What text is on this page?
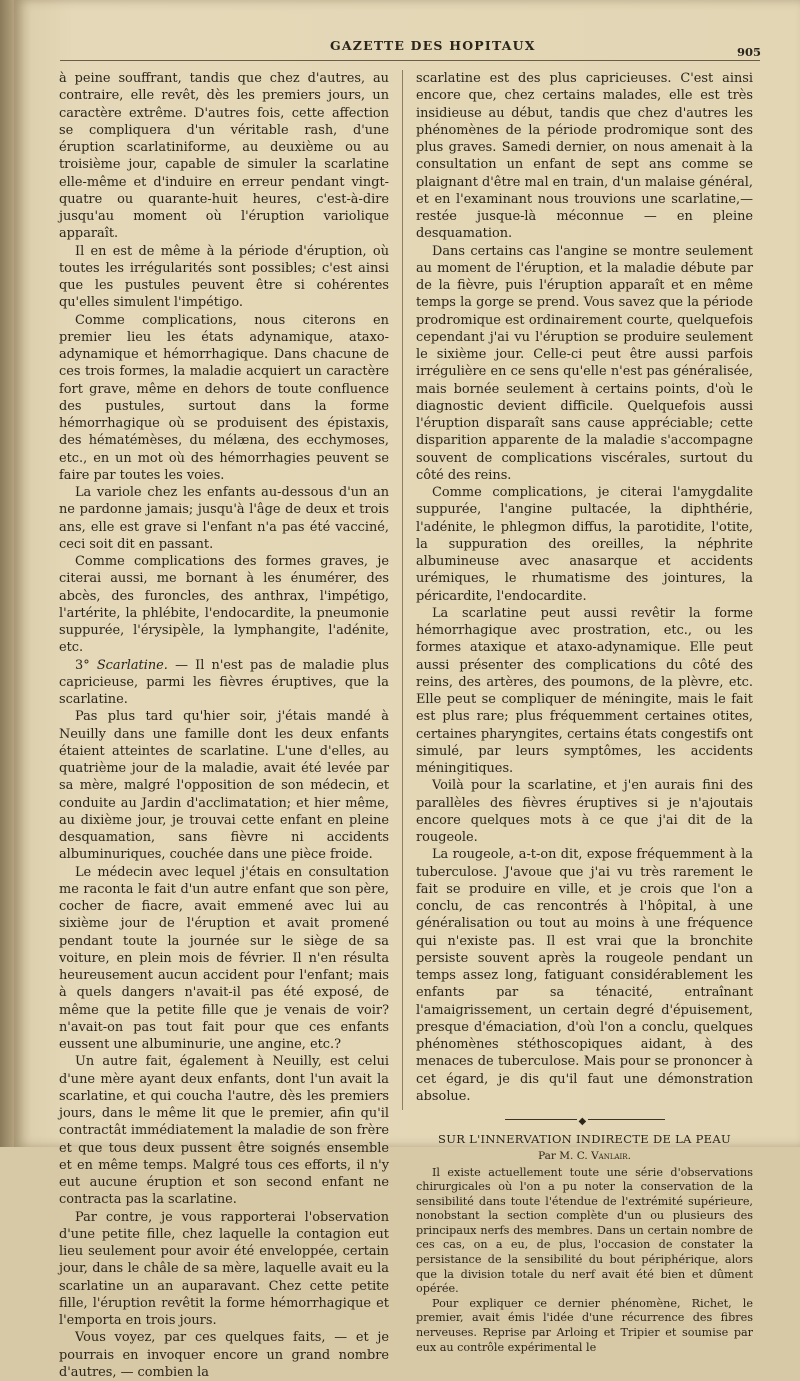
GAZETTE DES HOPITAUX	905

à peine souffrant, tandis que chez d'autres, au contraire, elle revêt, dès les premiers jours, un caractère extrême. D'autres fois, cette affection se compliquera d'un véritable rash, d'une éruption scarlatiniforme, au deuxième ou au troisième jour, capable de simuler la scarlatine elle-même et d'induire en erreur pendant vingt-quatre ou quarante-huit heures, c'est-à-dire jusqu'au moment où l'éruption variolique apparaît.

Il en est de même à la période d'éruption, où toutes les irrégularités sont possibles; c'est ainsi que les pustules peuvent être si cohérentes qu'elles simulent l'impétigo.

Comme complications, nous citerons en premier lieu les états adynamique, ataxo-adynamique et hémorrhagique. Dans chacune de ces trois formes, la maladie acquiert un caractère fort grave, même en dehors de toute confluence des pustules, surtout dans la forme hémorrhagique où se produisent des épistaxis, des hématémèses, du mélæna, des ecchymoses, etc., en un mot où des hémorrhagies peuvent se faire par toutes les voies.

La variole chez les enfants au-dessous d'un an ne pardonne jamais; jusqu'à l'âge de deux et trois ans, elle est grave si l'enfant n'a pas été vacciné, ceci soit dit en passant.

Comme complications des formes graves, je citerai aussi, me bornant à les énumérer, des abcès, des furoncles, des anthrax, l'impétigo, l'artérite, la phlébite, l'endocardite, la pneumonie suppurée, l'érysipèle, la lymphangite, l'adénite, etc.

3° Scarlatine. — Il n'est pas de maladie plus capricieuse, parmi les fièvres éruptives, que la scarlatine.

Pas plus tard qu'hier soir, j'étais mandé à Neuilly dans une famille dont les deux enfants étaient atteintes de scarlatine. L'une d'elles, au quatrième jour de la maladie, avait été levée par sa mère, malgré l'opposition de son médecin, et conduite au Jardin d'acclimatation; et hier même, au dixième jour, je trouvai cette enfant en pleine desquamation, sans fièvre ni accidents albuminuriques, couchée dans une pièce froide.

Le médecin avec lequel j'étais en consultation me raconta le fait d'un autre enfant que son père, cocher de fiacre, avait emmené avec lui au sixième jour de l'éruption et avait promené pendant toute la journée sur le siège de sa voiture, en plein mois de février. Il n'en résulta heureusement aucun accident pour l'enfant; mais à quels dangers n'avait-il pas été exposé, de même que la petite fille que je venais de voir? n'avait-on pas tout fait pour que ces enfants eussent une albuminurie, une angine, etc.?

Un autre fait, également à Neuilly, est celui d'une mère ayant deux enfants, dont l'un avait la scarlatine, et qui coucha l'autre, dès les premiers jours, dans le même lit que le premier, afin qu'il contractât immédiatement la maladie de son frère et que tous deux pussent être soignés ensemble et en même temps. Malgré tous ces efforts, il n'y eut aucune éruption et son second enfant ne contracta pas la scarlatine.

Par contre, je vous rapporterai l'observation d'une petite fille, chez laquelle la contagion eut lieu seulement pour avoir été enveloppée, certain jour, dans le châle de sa mère, laquelle avait eu la scarlatine un an auparavant. Chez cette petite fille, l'éruption revêtit la forme hémorrhagique et l'emporta en trois jours.

Vous voyez, par ces quelques faits, — et je pourrais en invoquer encore un grand nombre d'autres, — combien la

scarlatine est des plus capricieuses. C'est ainsi encore que, chez certains malades, elle est très insidieuse au début, tandis que chez d'autres les phénomènes de la période prodromique sont des plus graves. Samedi dernier, on nous amenait à la consultation un enfant de sept ans comme se plaignant d'être mal en train, d'un malaise général, et en l'examinant nous trouvions une scarlatine,—restée jusque-là méconnue — en pleine desquamation.

Dans certains cas l'angine se montre seulement au moment de l'éruption, et la maladie débute par de la fièvre, puis l'éruption apparaît et en même temps la gorge se prend. Vous savez que la période prodromique est ordinairement courte, quelquefois cependant j'ai vu l'éruption se produire seulement le sixième jour. Celle-ci peut être aussi parfois irrégulière en ce sens qu'elle n'est pas généralisée, mais bornée seulement à certains points, d'où le diagnostic devient difficile. Quelquefois aussi l'éruption disparaît sans cause appréciable; cette disparition apparente de la maladie s'accompagne souvent de complications viscérales, surtout du côté des reins.

Comme complications, je citerai l'amygdalite suppurée, l'angine pultacée, la diphthérie, l'adénite, le phlegmon diffus, la parotidite, l'otite, la suppuration des oreilles, la néphrite albumineuse avec anasarque et accidents urémiques, le rhumatisme des jointures, la péricardite, l'endocardite.

La scarlatine peut aussi revêtir la forme hémorrhagique avec prostration, etc., ou les formes ataxique et ataxo-adynamique. Elle peut aussi présenter des complications du côté des reins, des artères, des poumons, de la plèvre, etc. Elle peut se compliquer de méningite, mais le fait est plus rare; plus fréquemment certaines otites, certaines pharyngites, certains états congestifs ont simulé, par leurs symptômes, les accidents méningitiques.

Voilà pour la scarlatine, et j'en aurais fini des parallèles des fièvres éruptives si je n'ajoutais encore quelques mots à ce que j'ai dit de la rougeole.

La rougeole, a-t-on dit, expose fréquemment à la tuberculose. J'avoue que j'ai vu très rarement le fait se produire en ville, et je crois que l'on a conclu, de cas rencontrés à l'hôpital, à une généralisation ou tout au moins à une fréquence qui n'existe pas. Il est vrai que la bronchite persiste souvent après la rougeole pendant un temps assez long, fatiguant considérablement les enfants par sa ténacité, entraînant l'amaigrissement, un certain degré d'épuisement, presque d'émaciation, d'où l'on a conclu, quelques phénomènes stéthoscopiques aidant, à des menaces de tuberculose. Mais pour se prononcer à cet égard, je dis qu'il faut une démonstration absolue.

◆

SUR L'INNERVATION INDIRECTE DE LA PEAU

Par M. C. Vanlair.

Il existe actuellement toute une série d'observations chirurgicales où l'on a pu noter la conservation de la sensibilité dans toute l'étendue de l'extrémité supérieure, nonobstant la section complète d'un ou plusieurs des principaux nerfs des membres. Dans un certain nombre de ces cas, on a eu, de plus, l'occasion de constater la persistance de la sensibilité du bout périphérique, alors que la division totale du nerf avait été bien et dûment opérée.

Pour expliquer ce dernier phénomène, Richet, le premier, avait émis l'idée d'une récurrence des fibres nerveuses. Reprise par Arloing et Tripier et soumise par eux au contrôle expérimental le
